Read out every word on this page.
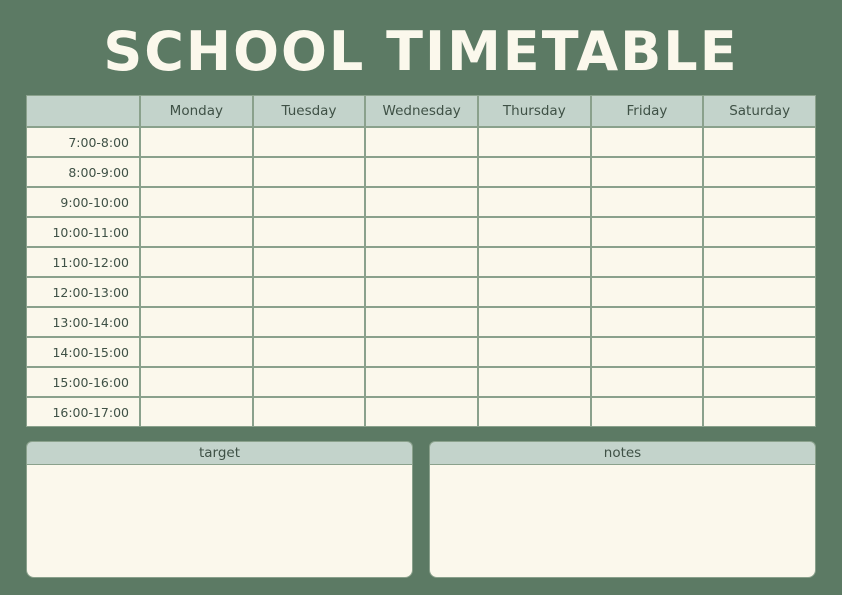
SCHOOL TIMETABLE
	Monday	Tuesday	Wednesday	Thursday	Friday	Saturday
7:00-8:00						
8:00-9:00						
9:00-10:00						
10:00-11:00						
11:00-12:00						
12:00-13:00						
13:00-14:00						
14:00-15:00						
15:00-16:00						
16:00-17:00						
target	notes
